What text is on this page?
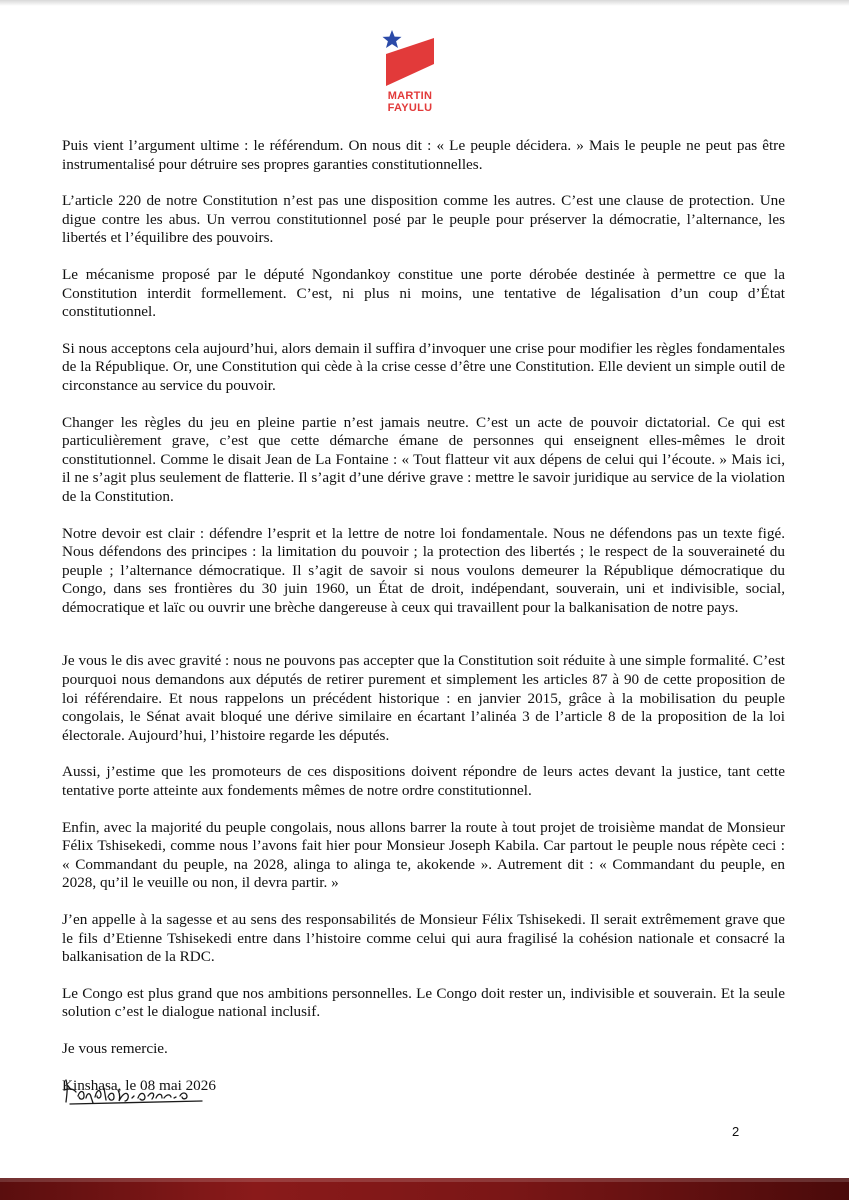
MARTIN
FAYULU

Puis vient l’argument ultime : le référendum. On nous dit : « Le peuple décidera. » Mais le peuple ne peut pas être instrumentalisé pour détruire ses propres garanties constitutionnelles.

L’article 220 de notre Constitution n’est pas une disposition comme les autres. C’est une clause de protection. Une digue contre les abus. Un verrou constitutionnel posé par le peuple pour préserver la démocratie, l’alternance, les libertés et l’équilibre des pouvoirs.

Le mécanisme proposé par le député Ngondankoy constitue une porte dérobée destinée à permettre ce que la Constitution interdit formellement. C’est, ni plus ni moins, une tentative de légalisation d’un coup d’État constitutionnel.

Si nous acceptons cela aujourd’hui, alors demain il suffira d’invoquer une crise pour modifier les règles fondamentales de la République. Or, une Constitution qui cède à la crise cesse d’être une Constitution. Elle devient un simple outil de circonstance au service du pouvoir.

Changer les règles du jeu en pleine partie n’est jamais neutre. C’est un acte de pouvoir dictatorial. Ce qui est particulièrement grave, c’est que cette démarche émane de personnes qui enseignent elles-mêmes le droit constitutionnel. Comme le disait Jean de La Fontaine : « Tout flatteur vit aux dépens de celui qui l’écoute. » Mais ici, il ne s’agit plus seulement de flatterie. Il s’agit d’une dérive grave : mettre le savoir juridique au service de la violation de la Constitution.

Notre devoir est clair : défendre l’esprit et la lettre de notre loi fondamentale. Nous ne défendons pas un texte figé. Nous défendons des principes : la limitation du pouvoir ; la protection des libertés ; le respect de la souveraineté du peuple ; l’alternance démocratique. Il s’agit de savoir si nous voulons demeurer la République démocratique du Congo, dans ses frontières du 30 juin 1960, un État de droit, indépendant, souverain, uni et indivisible, social, démocratique et laïc ou ouvrir une brèche dangereuse à ceux qui travaillent pour la balkanisation de notre pays.

Je vous le dis avec gravité : nous ne pouvons pas accepter que la Constitution soit réduite à une simple formalité. C’est pourquoi nous demandons aux députés de retirer purement et simplement les articles 87 à 90 de cette proposition de loi référendaire. Et nous rappelons un précédent historique : en janvier 2015, grâce à la mobilisation du peuple congolais, le Sénat avait bloqué une dérive similaire en écartant l’alinéa 3 de l’article 8 de la proposition de la loi électorale. Aujourd’hui, l’histoire regarde les députés.

Aussi, j’estime que les promoteurs de ces dispositions doivent répondre de leurs actes devant la justice, tant cette tentative porte atteinte aux fondements mêmes de notre ordre constitutionnel.

Enfin, avec la majorité du peuple congolais, nous allons barrer la route à tout projet de troisième mandat de Monsieur Félix Tshisekedi, comme nous l’avons fait hier pour Monsieur Joseph Kabila. Car partout le peuple nous répète ceci : « Commandant du peuple, na 2028, alinga to alinga te, akokende ». Autrement dit : « Commandant du peuple, en 2028, qu’il le veuille ou non, il devra partir. »

J’en appelle à la sagesse et au sens des responsabilités de Monsieur Félix Tshisekedi. Il serait extrêmement grave que le fils d’Etienne Tshisekedi entre dans l’histoire comme celui qui aura fragilisé la cohésion nationale et consacré la balkanisation de la RDC.

Le Congo est plus grand que nos ambitions personnelles. Le Congo doit rester un, indivisible et souverain. Et la seule solution c’est le dialogue national inclusif.

Je vous remercie.

Kinshasa, le 08 mai 2026

2
